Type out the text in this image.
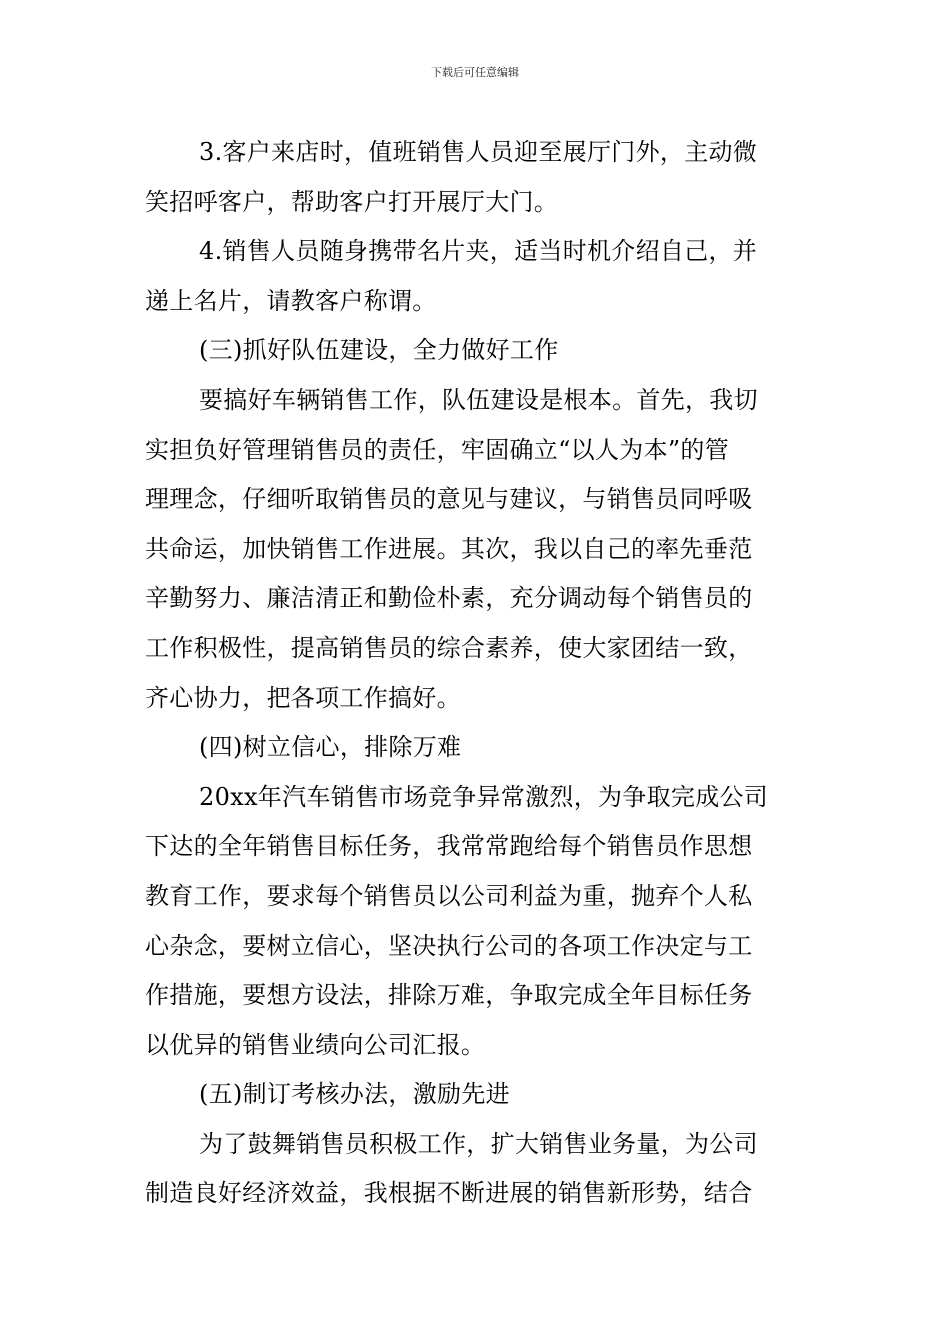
下载后可任意编辑
3.客户来店时，值班销售人员迎至展厅门外，主动微
笑招呼客户，帮助客户打开展厅大门。
4.销售人员随身携带名片夹，适当时机介绍自己，并
递上名片，请教客户称谓。
(三)抓好队伍建设，全力做好工作
要搞好车辆销售工作，队伍建设是根本。首先，我切
实担负好管理销售员的责任，牢固确立“以人为本”的管
理理念，仔细听取销售员的意见与建议，与销售员同呼吸
共命运，加快销售工作进展。其次，我以自己的率先垂范
辛勤努力、廉洁清正和勤俭朴素，充分调动每个销售员的
工作积极性，提高销售员的综合素养，使大家团结一致，
齐心协力，把各项工作搞好。
(四)树立信心，排除万难
20xx年汽车销售市场竞争异常激烈，为争取完成公司
下达的全年销售目标任务，我常常跑给每个销售员作思想
教育工作，要求每个销售员以公司利益为重，抛弃个人私
心杂念，要树立信心，坚决执行公司的各项工作决定与工
作措施，要想方设法，排除万难，争取完成全年目标任务
以优异的销售业绩向公司汇报。
(五)制订考核办法，激励先进
为了鼓舞销售员积极工作，扩大销售业务量，为公司
制造良好经济效益，我根据不断进展的销售新形势，结合
